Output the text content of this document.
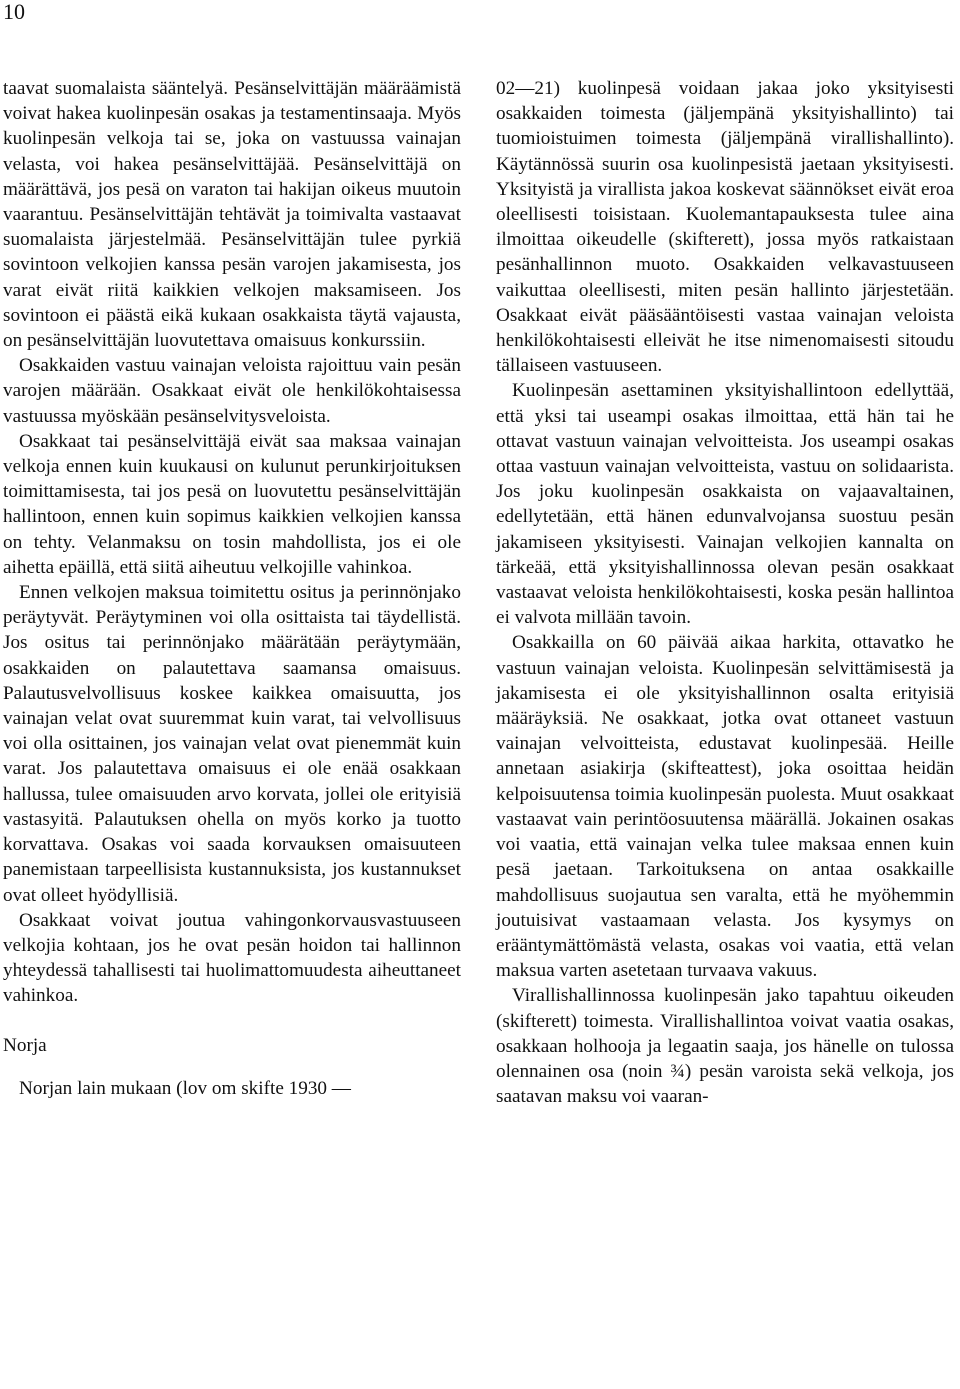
10

taavat suomalaista sääntelyä. Pesänselvittäjän määräämistä voivat hakea kuolinpesän osakas ja testamentinsaaja. Myös kuolinpesän velkoja tai se, joka on vastuussa vainajan velasta, voi hakea pesänselvittäjää. Pesänselvittäjä on määrättävä, jos pesä on varaton tai hakijan oikeus muutoin vaarantuu. Pesänselvittäjän tehtävät ja toimivalta vastaavat suomalaista järjestelmää. Pesänselvittäjän tulee pyrkiä sovintoon velkojien kanssa pesän varojen jakamisesta, jos varat eivät riitä kaikkien velkojen maksamiseen. Jos sovintoon ei päästä eikä kukaan osakkaista täytä vajausta, on pesänselvittäjän luovutettava omaisuus konkurssiin.

Osakkaiden vastuu vainajan veloista rajoittuu vain pesän varojen määrään. Osakkaat eivät ole henkilökohtaisessa vastuussa myöskään pesänselvitysveloista.

Osakkaat tai pesänselvittäjä eivät saa maksaa vainajan velkoja ennen kuin kuukausi on kulunut perunkirjoituksen toimittamisesta, tai jos pesä on luovutettu pesänselvittäjän hallintoon, ennen kuin sopimus kaikkien velkojien kanssa on tehty. Velanmaksu on tosin mahdollista, jos ei ole aihetta epäillä, että siitä aiheutuu velkojille vahinkoa.

Ennen velkojen maksua toimitettu ositus ja perinnönjako peräytyvät. Peräytyminen voi olla osittaista tai täydellistä. Jos ositus tai perinnönjako määrätään peräytymään, osakkaiden on palautettava saamansa omaisuus. Palautusvelvollisuus koskee kaikkea omaisuutta, jos vainajan velat ovat suuremmat kuin varat, tai velvollisuus voi olla osittainen, jos vainajan velat ovat pienemmät kuin varat. Jos palautettava omaisuus ei ole enää osakkaan hallussa, tulee omaisuuden arvo korvata, jollei ole erityisiä vastasyitä. Palautuksen ohella on myös korko ja tuotto korvattava. Osakas voi saada korvauksen omaisuuteen panemistaan tarpeellisista kustannuksista, jos kustannukset ovat olleet hyödyllisiä.

Osakkaat voivat joutua vahingonkorvausvastuuseen velkojia kohtaan, jos he ovat pesän hoidon tai hallinnon yhteydessä tahallisesti tai huolimattomuudesta aiheuttaneet vahinkoa.

Norja

Norjan lain mukaan (lov om skifte 1930 —

02—21) kuolinpesä voidaan jakaa joko yksityisesti osakkaiden toimesta (jäljempänä yksityishallinto) tai tuomioistuimen toimesta (jäljempänä virallishallinto). Käytännössä suurin osa kuolinpesistä jaetaan yksityisesti. Yksityistä ja virallista jakoa koskevat säännökset eivät eroa oleellisesti toisistaan. Kuolemantapauksesta tulee aina ilmoittaa oikeudelle (skifterett), jossa myös ratkaistaan pesänhallinnon muoto. Osakkaiden velkavastuuseen vaikuttaa oleellisesti, miten pesän hallinto järjestetään. Osakkaat eivät pääsääntöisesti vastaa vainajan veloista henkilökohtaisesti elleivät he itse nimenomaisesti sitoudu tällaiseen vastuuseen.

Kuolinpesän asettaminen yksityishallintoon edellyttää, että yksi tai useampi osakas ilmoittaa, että hän tai he ottavat vastuun vainajan velvoitteista. Jos useampi osakas ottaa vastuun vainajan velvoitteista, vastuu on solidaarista. Jos joku kuolinpesän osakkaista on vajaavaltainen, edellytetään, että hänen edunvalvojansa suostuu pesän jakamiseen yksityisesti. Vainajan velkojien kannalta on tärkeää, että yksityishallinnossa olevan pesän osakkaat vastaavat veloista henkilökohtaisesti, koska pesän hallintoa ei valvota millään tavoin.

Osakkailla on 60 päivää aikaa harkita, ottavatko he vastuun vainajan veloista. Kuolinpesän selvittämisestä ja jakamisesta ei ole yksityishallinnon osalta erityisiä määräyksiä. Ne osakkaat, jotka ovat ottaneet vastuun vainajan velvoitteista, edustavat kuolinpesää. Heille annetaan asiakirja (skifteattest), joka osoittaa heidän kelpoisuutensa toimia kuolinpesän puolesta. Muut osakkaat vastaavat vain perintöosuutensa määrällä. Jokainen osakas voi vaatia, että vainajan velka tulee maksaa ennen kuin pesä jaetaan. Tarkoituksena on antaa osakkaille mahdollisuus suojautua sen varalta, että he myöhemmin joutuisivat vastaamaan velasta. Jos kysymys on erääntymättömästä velasta, osakas voi vaatia, että velan maksua varten asetetaan turvaava vakuus.

Virallishallinnossa kuolinpesän jako tapahtuu oikeuden (skifterett) toimesta. Virallishallintoa voivat vaatia osakas, osakkaan holhooja ja legaatin saaja, jos hänelle on tulossa olennainen osa (noin ¾) pesän varoista sekä velkoja, jos saatavan maksu voi vaaran-
